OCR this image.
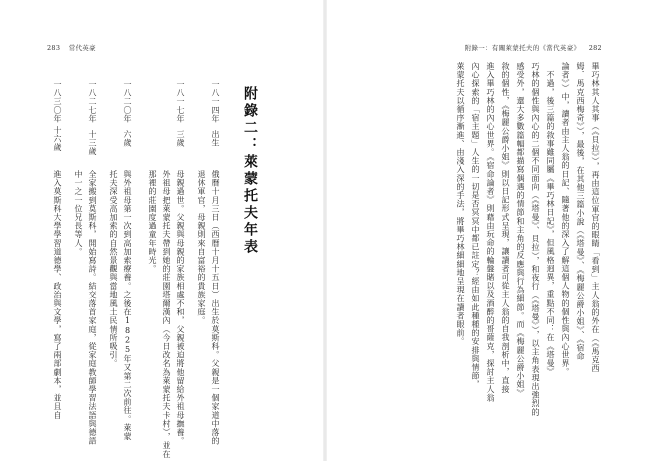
283 常代英豪	附錄一：有關萊蒙托夫的《當代英豪》 282
畢巧林其人其事（《貝拉》），再由這位軍官的眼睛「看到」主人翁的外在（《馬克西
姆．馬克西梅奇》），最後，在其他三篇小說（《塔曼》、《梅麗公爵小姐》、《宿命
論者》）中，讀者由主人翁的日記、隨著他的深入了解這個人物的個性與內心世界。
　不過，後三篇的敘事雖同屬《畢巧林日記》，但風格迥異，重點不同：在《塔曼》
巧林的個性與內心的二個不同面向（《塔曼》、貝拉），和夜行（《塔曼》），以主角表現出強烈的
感受外，還大多數篇幅都描寫偶遇的情節和主角的反應與行為細節。而《梅麗公爵小姐》
敘的個性，《梅麗公爵小姐》則以日記形式呈現，讓讀者可從主人翁的自我剖析中，直接
進入畢巧林的內心世界。《宿命論者》則藉由玩命的輪盤賭以及酒醉的哥薩克，探討主人翁
內心探索的「宿主題」人生的一切是否冥冥中都已註定？經由如此種種的安排與情節，
萊蒙托夫以循序漸進、由淺入深的手法，將畢巧林細細地呈現在讀者眼前。
附錄二：萊蒙托夫年表
一八一四年
出生
俄曆十月三日（西曆十月十五日）出生於莫斯科。父親是一個家道中落的
退休軍官，母親則來自富裕的貴族家庭。
一八一七年
三歲
母親過世。父親與母親的家族相處不和，父親被迫將他留給外祖母撫養。
外祖母把萊蒙托夫帶到她的莊園塔爾漢內（今日改名為萊蒙托夫卡村），並在
那裡的莊園度過童年時光。
一八二〇年
六歲
與外祖母第一次到高加索療養。之後在1825年又第二次前往。萊蒙
托夫深受高加索的自然景觀與當地風土民情所吸引。
一八二七年
十三歲
全家搬到莫斯科，開始寫詩。結交落首家庭，從家庭教師學習法語與德語
中一之一位兄長等人。
一八三〇年
十六歲
進入莫斯科大學學習道德學、政治與文學，寫了兩部劇本，並且自
